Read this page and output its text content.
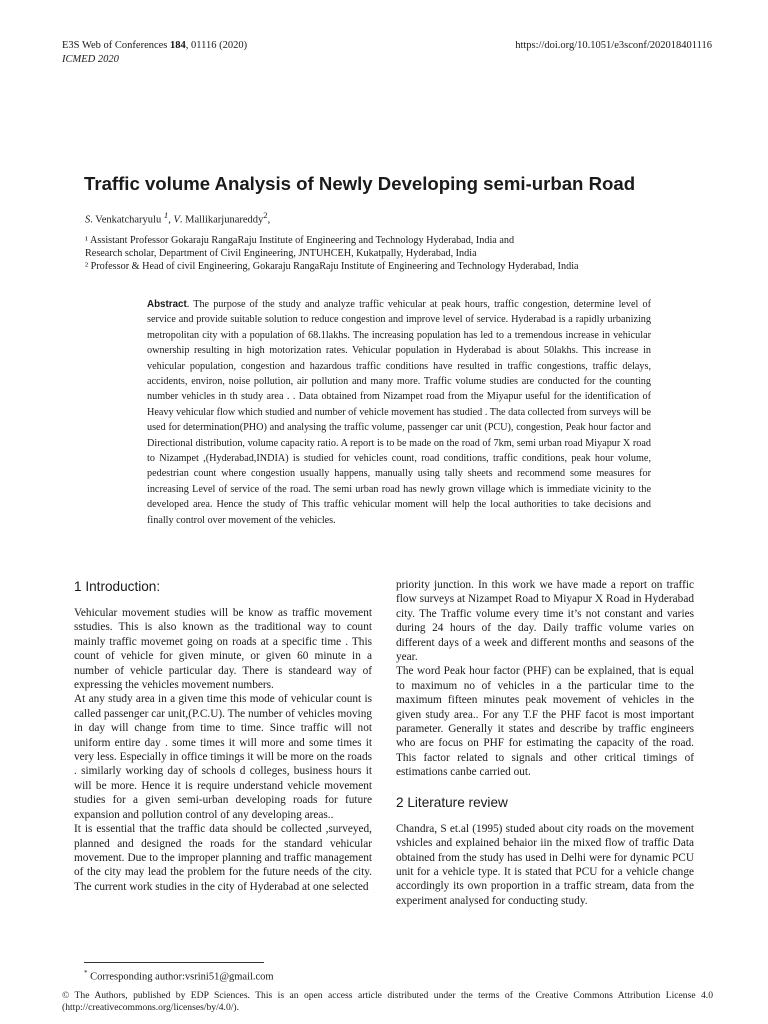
E3S Web of Conferences 184, 01116 (2020)
ICMED 2020
https://doi.org/10.1051/e3sconf/202018401116
Traffic volume Analysis of Newly Developing semi-urban Road
S. Venkatcharyulu $^1$, V. Mallikarjunareddy$^2$,
¹ Assistant Professor Gokaraju RangaRaju Institute of Engineering and Technology Hyderabad, India and
Research scholar, Department of Civil Engineering, JNTUHCEH, Kukatpally, Hyderabad, India
² Professor & Head of civil Engineering, Gokaraju RangaRaju Institute of Engineering and Technology Hyderabad, India
Abstract. The purpose of the study and analyze traffic vehicular at peak hours, traffic congestion, determine level of service and provide suitable solution to reduce congestion and improve level of service. Hyderabad is a rapidly urbanizing metropolitan city with a population of 68.1lakhs. The increasing population has led to a tremendous increase in vehicular ownership resulting in high motorization rates. Vehicular population in Hyderabad is about 50lakhs. This increase in vehicular population, congestion and hazardous traffic conditions have resulted in traffic congestions, traffic delays, accidents, environ, noise pollution, air pollution and many more. Traffic volume studies are conducted for the counting number vehicles in th study area . . Data obtained from Nizampet road from the Miyapur useful for the identification of Heavy vehicular flow which studied and number of vehicle movement has studied . The data collected from surveys will be used for determination(PHO) and analysing the traffic volume, passenger car unit (PCU), congestion, Peak hour factor and Directional distribution, volume capacity ratio. A report is to be made on the road of 7km, semi urban road Miyapur X road to Nizampet ,(Hyderabad,INDIA) is studied for vehicles count, road conditions, traffic conditions, peak hour volume, pedestrian count where congestion usually happens, manually using tally sheets and recommend some measures for increasing Level of service of the road. The semi urban road has newly grown village which is immediate vicinity to the developed area. Hence the study of This traffic vehicular moment will help the local authorities to take decisions and finally control over movement of the vehicles.
1 Introduction:

Vehicular movement studies will be know as traffic movement sstudies. This is also known as the traditional way to count mainly traffic movemet going on roads at a specific time . This count of vehicle for given minute, or given 60 minute in a number of vehicle particular day. There is standeard way of expressing the vehicles movement numbers.

At any study area in a given time this mode of vehicular count is called passenger car unit,(P.C.U). The number of vehicles moving in day will change from time to time. Since traffic will not uniform entire day . some times it will more and some times it very less. Especially in office timings it will be more on the roads . similarly working day of schools d colleges, business hours it will be more. Hence it is require understand vehicle movement studies for a given semi-urban developing roads for future expansion and pollution control of any developing areas..

It is essential that the traffic data should be collected ,surveyed, planned and designed the roads for the standard vehicular movement. Due to the improper planning and traffic management of the city may lead the problem for the future needs of the city. The current work studies in the city of Hyderabad at one selected

priority junction. In this work we have made a report on traffic flow surveys at Nizampet Road to Miyapur X Road in Hyderabad city. The Traffic volume every time it’s not constant and varies during 24 hours of the day. Daily traffic volume varies on different days of a week and different months and seasons of the year.

The word Peak hour factor (PHF) can be explained, that is equal to maximum no of vehicles in a the particular time to the maximum fifteen minutes peak movement of vehicles in the given study area.. For any T.F the PHF facot is most important parameter. Generally it states and describe by traffic engineers who are focus on PHF for estimating the capacity of the road. This factor related to signals and other critical timings of estimations canbe carried out.

2 Literature review

Chandra, S et.al (1995) studed about city roads on the movement vshicles and explained behaior iin the mixed flow of traffic Data obtained from the study has used in Delhi were for dynamic PCU unit for a vehicle type. It is stated that PCU for a vehicle change accordingly its own proportion in a traffic stream, data from the experiment analysed for conducting study.

* Corresponding author:vsrini51@gmail.com
© The Authors, published by EDP Sciences. This is an open access article distributed under the terms of the Creative Commons Attribution License 4.0 (http://creativecommons.org/licenses/by/4.0/).
